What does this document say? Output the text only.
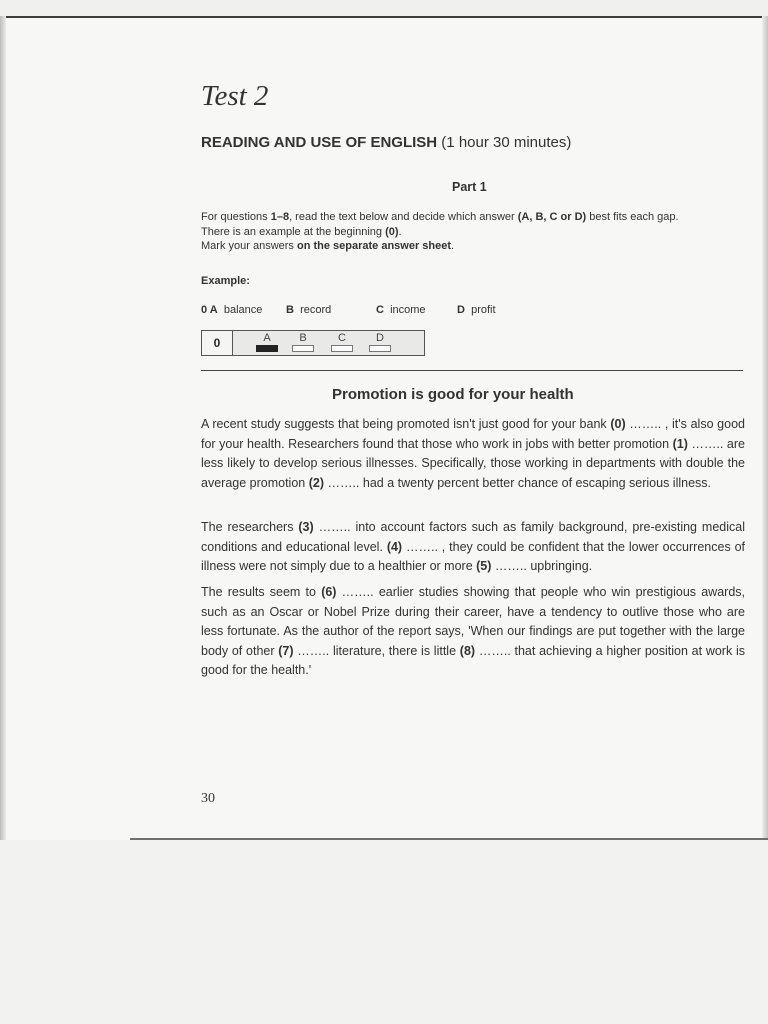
Test 2
READING AND USE OF ENGLISH (1 hour 30 minutes)
Part 1
For questions 1–8, read the text below and decide which answer (A, B, C or D) best fits each gap.
There is an example at the beginning (0).
Mark your answers on the separate answer sheet.
Example:
0 A balance B record	C income	D profit
0	A	B	C	D
Promotion is good for your health
A recent study suggests that being promoted isn't just good for your bank (0) …….. , it's also good for your health. Researchers found that those who work in jobs with better promotion (1) …….. are less likely to develop serious illnesses. Specifically, those working in departments with double the average promotion (2) …….. had a twenty percent better chance of escaping serious illness.
The researchers (3) …….. into account factors such as family background, pre-existing medical conditions and educational level. (4) …….. , they could be confident that the lower occurrences of illness were not simply due to a healthier or more (5) …….. upbringing.
The results seem to (6) …….. earlier studies showing that people who win prestigious awards, such as an Oscar or Nobel Prize during their career, have a tendency to outlive those who are less fortunate. As the author of the report says, 'When our findings are put together with the large body of other (7) …….. literature, there is little (8) …….. that achieving a higher position at work is good for the health.'
30
